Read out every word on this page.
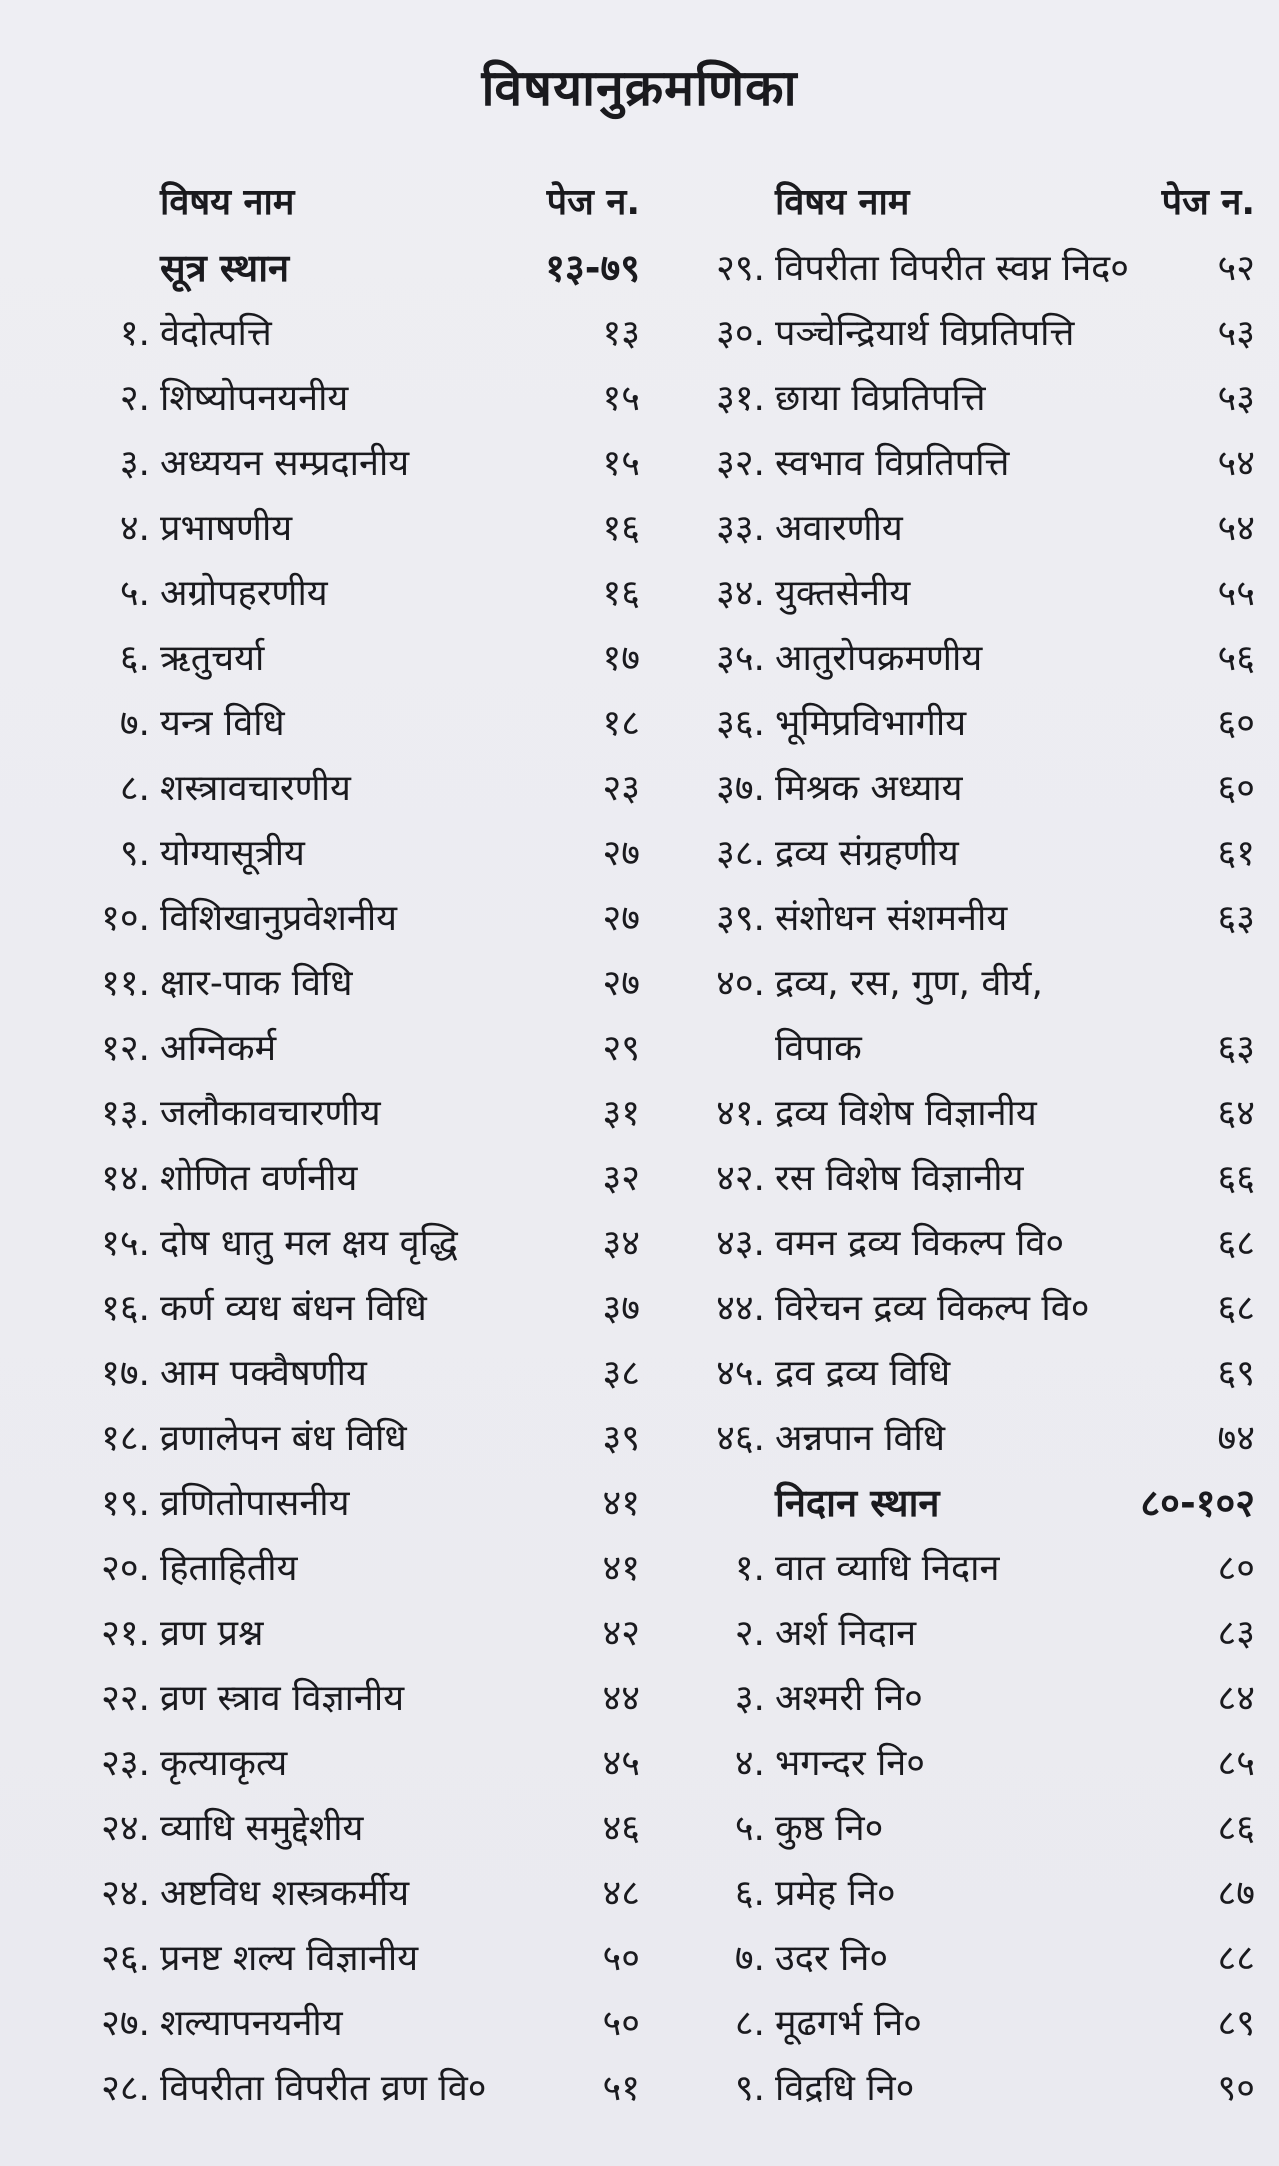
विषयानुक्रमणिका
विषय नाम	पेज न.
सूत्र स्थान	१३-७९
१. वेदोत्पत्ति	१३
२. शिष्योपनयनीय	१५
३. अध्ययन सम्प्रदानीय	१५
४. प्रभाषणीय	१६
५. अग्रोपहरणीय	१६
६. ऋतुचर्या	१७
७. यन्त्र विधि	१८
८. शस्त्रावचारणीय	२३
९. योग्यासूत्रीय	२७
१०. विशिखानुप्रवेशनीय	२७
११. क्षार-पाक विधि	२७
१२. अग्निकर्म	२९
१३. जलौकावचारणीय	३१
१४. शोणित वर्णनीय	३२
१५. दोष धातु मल क्षय वृद्धि	३४
१६. कर्ण व्यध बंधन विधि	३७
१७. आम पक्वैषणीय	३८
१८. व्रणालेपन बंध विधि	३९
१९. व्रणितोपासनीय	४१
२०. हिताहितीय	४१
२१. व्रण प्रश्न	४२
२२. व्रण स्त्राव विज्ञानीय	४४
२३. कृत्याकृत्य	४५
२४. व्याधि समुद्देशीय	४६
२४. अष्टविध शस्त्रकर्मीय	४८
२६. प्रनष्ट शल्य विज्ञानीय	५०
२७. शल्यापनयनीय	५०
२८. विपरीता विपरीत व्रण वि०	५१
विषय नाम	पेज न.
२९. विपरीता विपरीत स्वप्न निद० ५२
३०. पञ्चेन्द्रियार्थ विप्रतिपत्ति	५३
३१. छाया विप्रतिपत्ति	५३
३२. स्वभाव विप्रतिपत्ति	५४
३३. अवारणीय	५४
३४. युक्तसेनीय	५५
३५. आतुरोपक्रमणीय	५६
३६. भूमिप्रविभागीय	६०
३७. मिश्रक अध्याय	६०
३८. द्रव्य संग्रहणीय	६१
३९. संशोधन संशमनीय	६३
४०. द्रव्य, रस, गुण, वीर्य,
विपाक	६३
४१. द्रव्य विशेष विज्ञानीय	६४
४२. रस विशेष विज्ञानीय	६६
४३. वमन द्रव्य विकल्प वि०	६८
४४. विरेचन द्रव्य विकल्प वि०	६८
४५. द्रव द्रव्य विधि	६९
४६. अन्नपान विधि	७४
निदान स्थान	८०-१०२
१. वात व्याधि निदान	८०
२. अर्श निदान	८३
३. अश्मरी नि०	८४
४. भगन्दर नि०	८५
५. कुष्ठ नि०	८६
६. प्रमेह नि०	८७
७. उदर नि०	८८
८. मूढगर्भ नि०	८९
९. विद्रधि नि०	९०
